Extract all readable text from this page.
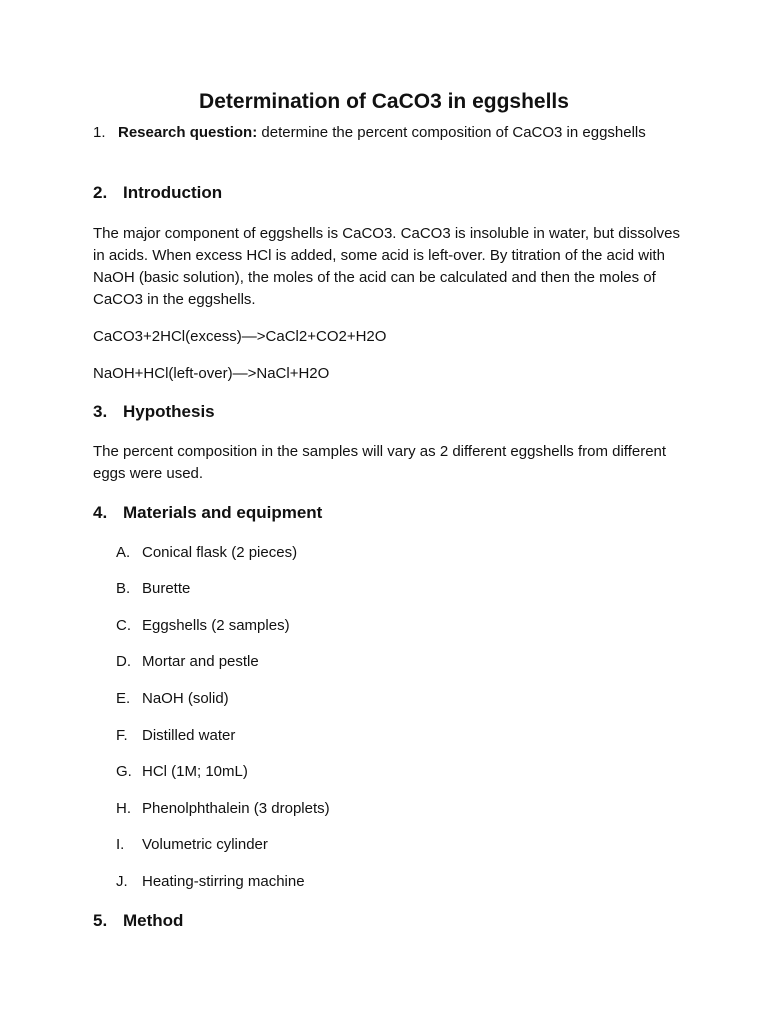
Determination of CaCO3 in eggshells
1. Research question: determine the percent composition of CaCO3 in eggshells
2. Introduction
The major component of eggshells is CaCO3. CaCO3 is insoluble in water, but dissolves in acids. When excess HCl is added, some acid is left-over. By titration of the acid with NaOH (basic solution), the moles of the acid can be calculated and then the moles of CaCO3 in the eggshells.
CaCO3+2HCl(excess)—>CaCl2+CO2+H2O
NaOH+HCl(left-over)—>NaCl+H2O
3. Hypothesis
The percent composition in the samples will vary as 2 different eggshells from different eggs were used.
4. Materials and equipment
A. Conical flask (2 pieces)
B. Burette
C. Eggshells (2 samples)
D. Mortar and pestle
E. NaOH (solid)
F. Distilled water
G. HCl (1M; 10mL)
H. Phenolphthalein (3 droplets)
I. Volumetric cylinder
J. Heating-stirring machine
5. Method
